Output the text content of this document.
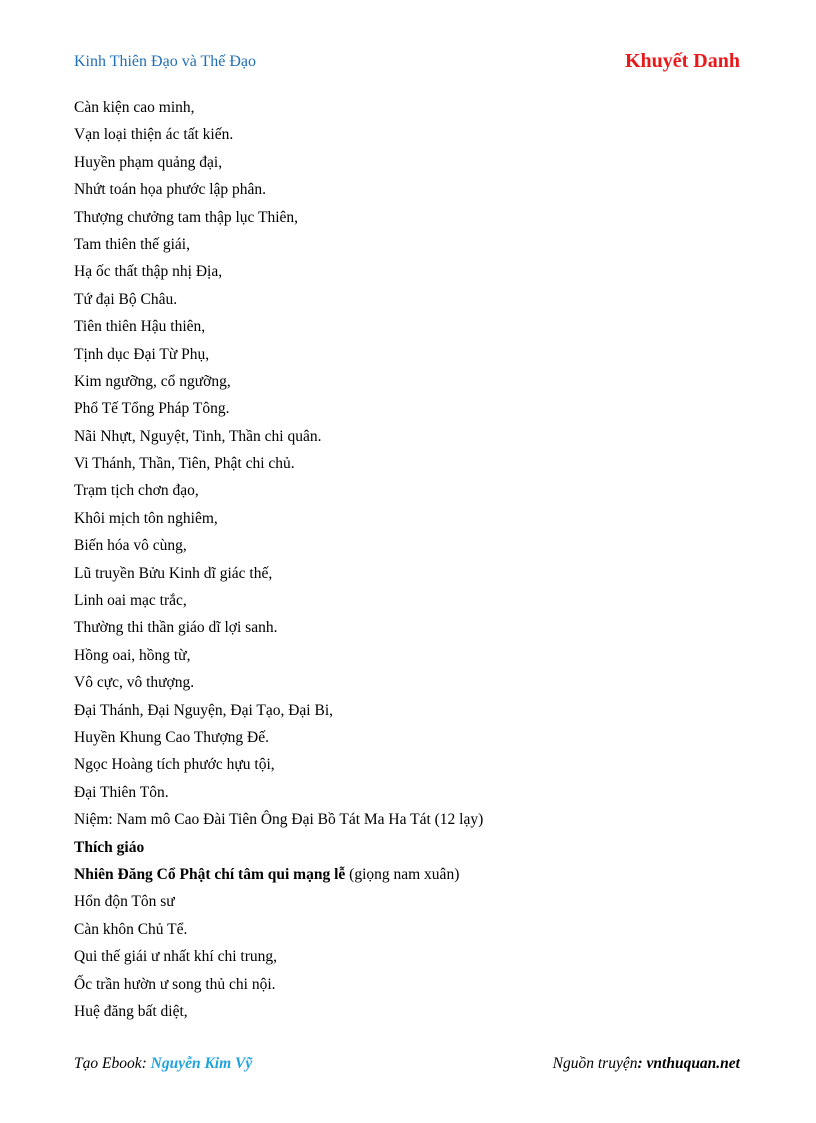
Kinh Thiên Đạo và Thế Đạo	Khuyết Danh
Càn kiện cao minh,
Vạn loại thiện ác tất kiến.
Huyền phạm quảng đại,
Nhứt toán họa phước lập phân.
Thượng chưởng tam thập lục Thiên,
Tam thiên thế giái,
Hạ ốc thất thập nhị Địa,
Tứ đại Bộ Châu.
Tiên thiên Hậu thiên,
Tịnh dục Đại Từ Phụ,
Kim ngưỡng, cổ ngưỡng,
Phổ Tế Tổng Pháp Tông.
Nãi Nhựt, Nguyệt, Tinh, Thần chi quân.
Vi Thánh, Thần, Tiên, Phật chi chủ.
Trạm tịch chơn đạo,
Khôi mịch tôn nghiêm,
Biến hóa vô cùng,
Lũ truyền Bửu Kinh dĩ giác thế,
Linh oai mạc trắc,
Thường thi thần giáo dĩ lợi sanh.
Hồng oai, hồng từ,
Vô cực, vô thượng.
Đại Thánh, Đại Nguyện, Đại Tạo, Đại Bi,
Huyền Khung Cao Thượng Đế.
Ngọc Hoàng tích phước hựu tội,
Đại Thiên Tôn.
Niệm: Nam mô Cao Đài Tiên Ông Đại Bồ Tát Ma Ha Tát (12 lạy)
Thích giáo
Nhiên Đăng Cổ Phật chí tâm qui mạng lễ (giọng nam xuân)
Hổn độn Tôn sư
Càn khôn Chủ Tể.
Qui thế giái ư nhất khí chi trung,
Ốc trần hườn ư song thủ chi nội.
Huệ đăng bất diệt,
Tạo Ebook: Nguyễn Kim Vỹ	Nguồn truyện: vnthuquan.net
